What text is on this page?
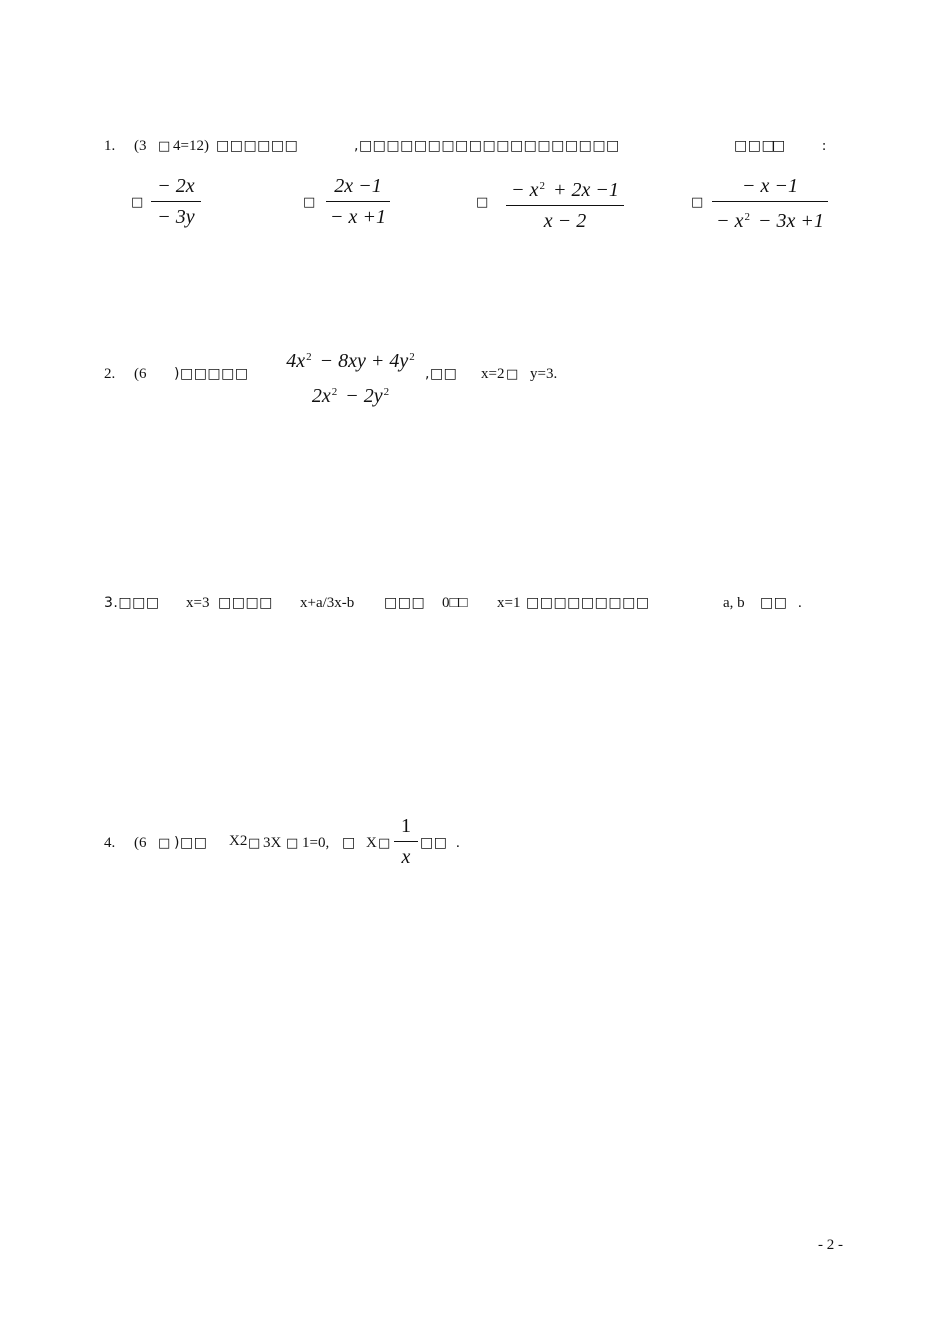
1. (3 □ 4=12) □□□□□□	,□□□□□□□□□□□□□□□□□□□	□□□
□ :
□
− 2x
− 3y
□
2x −1
− x +1
□
− $x^2 + 2x -1$
x − 2
□
− x −1
− $x^2 - 3x +1$
2. (6 )□□□□□
$4x^2 - 8xy + 4y^2$
$2x^2 - 2y^2$
,□□ x=2 □ y=3.
3.□□□ x=3 □□□□ x+a/3x-b □□□ 0□□ x=1 □□□□□□□□□	a, b □□ .
4. (6 □ )□□ X2 □ 3X □ 1=0, □ X □
1
x
□□ .
- 2 -
